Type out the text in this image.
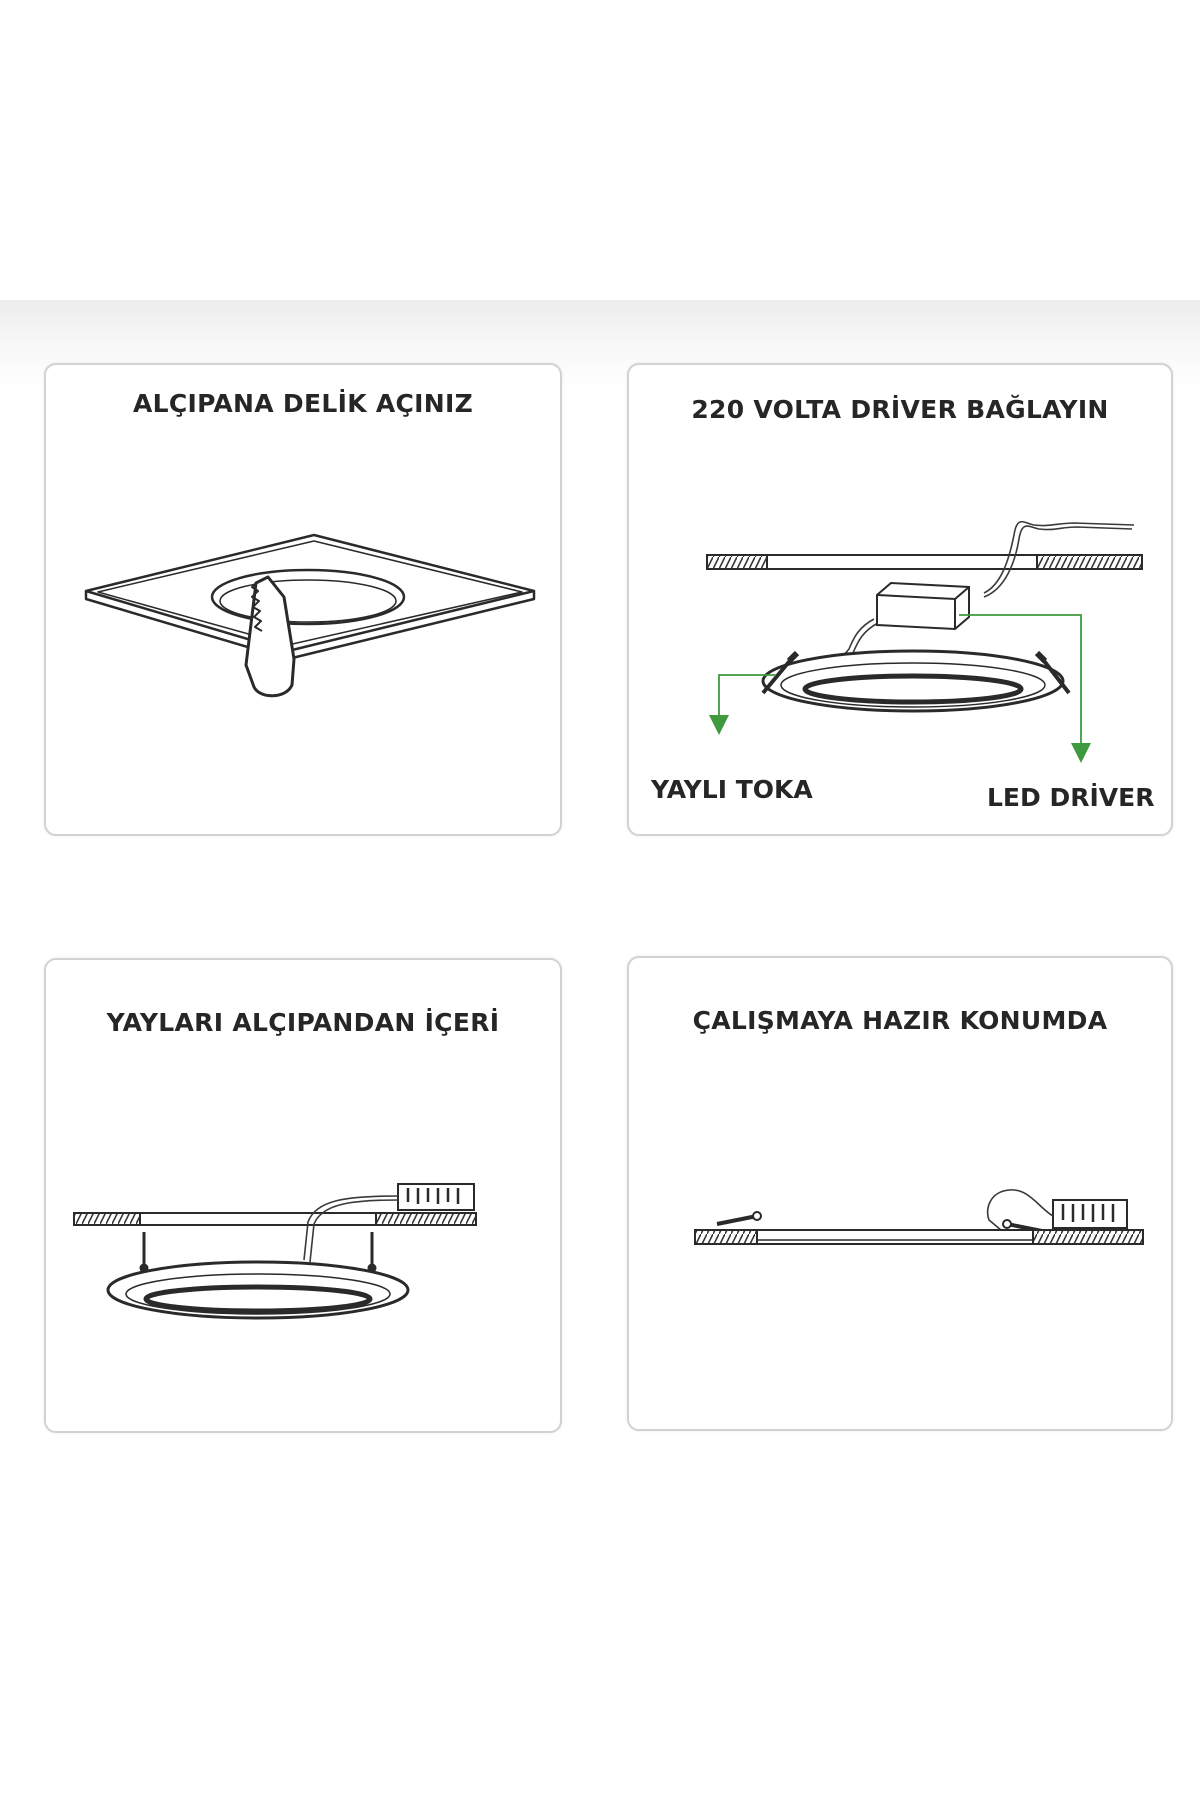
ALÇIPANA DELİK AÇINIZ	220 VOLTA DRİVER BAĞLAYIN
YAYLI TOKA	LED DRİVER
YAYLARI ALÇIPANDAN İÇERİ	ÇALIŞMAYA HAZIR KONUMDA
